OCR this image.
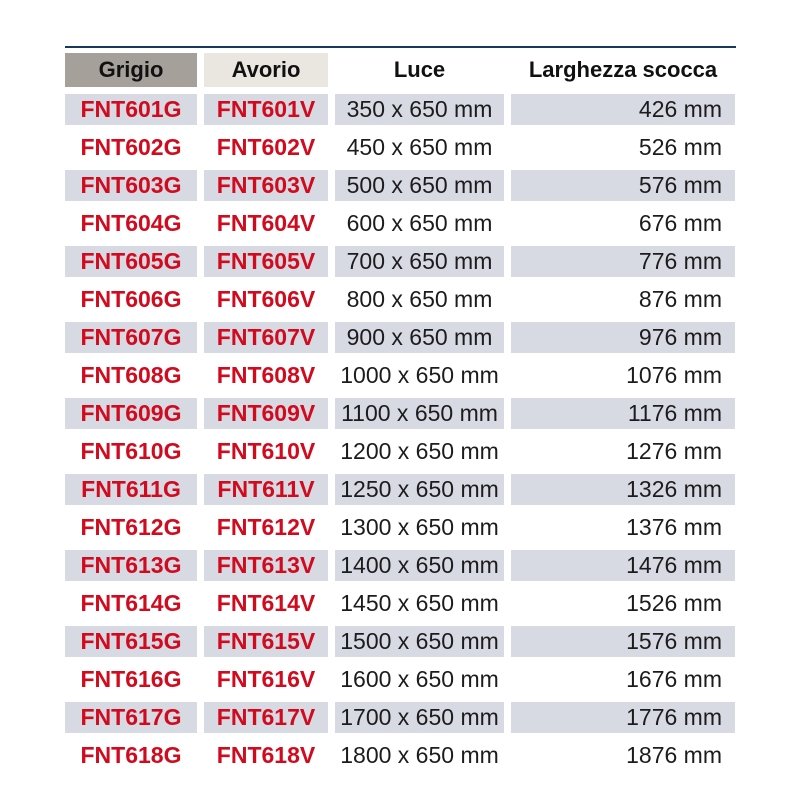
Grigio	Avorio	Luce	Larghezza scocca
FNT601G	FNT601V	350 x 650 mm	426 mm
FNT602G	FNT602V	450 x 650 mm	526 mm
FNT603G	FNT603V	500 x 650 mm	576 mm
FNT604G	FNT604V	600 x 650 mm	676 mm
FNT605G	FNT605V	700 x 650 mm	776 mm
FNT606G	FNT606V	800 x 650 mm	876 mm
FNT607G	FNT607V	900 x 650 mm	976 mm
FNT608G	FNT608V	1000 x 650 mm	1076 mm
FNT609G	FNT609V	1100 x 650 mm	1176 mm
FNT610G	FNT610V	1200 x 650 mm	1276 mm
FNT611G	FNT611V	1250 x 650 mm	1326 mm
FNT612G	FNT612V	1300 x 650 mm	1376 mm
FNT613G	FNT613V	1400 x 650 mm	1476 mm
FNT614G	FNT614V	1450 x 650 mm	1526 mm
FNT615G	FNT615V	1500 x 650 mm	1576 mm
FNT616G	FNT616V	1600 x 650 mm	1676 mm
FNT617G	FNT617V	1700 x 650 mm	1776 mm
FNT618G	FNT618V	1800 x 650 mm	1876 mm
